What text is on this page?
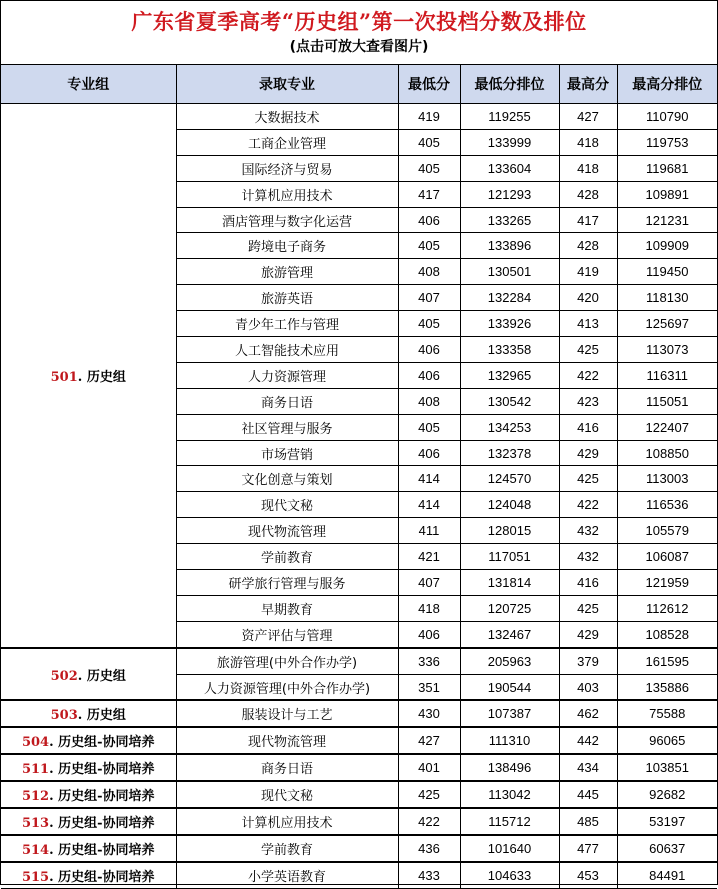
广东省夏季高考“历史组”第一次投档分数及排位
(点击可放大查看图片)
专业组	录取专业	最低分	最低分排位	最高分	最高分排位
501. 历史组	大数据技术	419	119255	427	110790
	工商企业管理	405	133999	418	119753
	国际经济与贸易	405	133604	418	119681
	计算机应用技术	417	121293	428	109891
	酒店管理与数字化运营	406	133265	417	121231
	跨境电子商务	405	133896	428	109909
	旅游管理	408	130501	419	119450
	旅游英语	407	132284	420	118130
	青少年工作与管理	405	133926	413	125697
	人工智能技术应用	406	133358	425	113073
	人力资源管理	406	132965	422	116311
	商务日语	408	130542	423	115051
	社区管理与服务	405	134253	416	122407
	市场营销	406	132378	429	108850
	文化创意与策划	414	124570	425	113003
	现代文秘	414	124048	422	116536
	现代物流管理	411	128015	432	105579
	学前教育	421	117051	432	106087
	研学旅行管理与服务	407	131814	416	121959
	早期教育	418	120725	425	112612
	资产评估与管理	406	132467	429	108528
502. 历史组	旅游管理(中外合作办学)	336	205963	379	161595
	人力资源管理(中外合作办学)	351	190544	403	135886
503. 历史组	服装设计与工艺	430	107387	462	75588
504. 历史组-协同培养	现代物流管理	427	111310	442	96065
511. 历史组-协同培养	商务日语	401	138496	434	103851
512. 历史组-协同培养	现代文秘	425	113042	445	92682
513. 历史组-协同培养	计算机应用技术	422	115712	485	53197
514. 历史组-协同培养	学前教育	436	101640	477	60637
515. 历史组-协同培养	小学英语教育	433	104633	453	84491
